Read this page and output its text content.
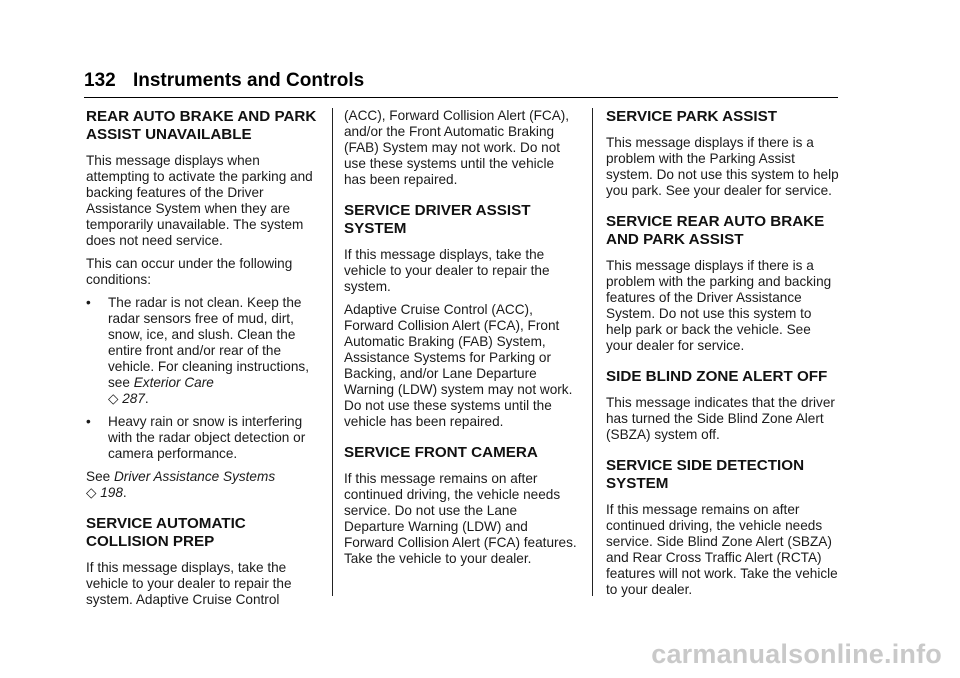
132 Instruments and Controls
REAR AUTO BRAKE AND PARK ASSIST UNAVAILABLE

This message displays when attempting to activate the parking and backing features of the Driver Assistance System when they are temporarily unavailable. The system does not need service.

This can occur under the following conditions:

•	The radar is not clean. Keep the radar sensors free of mud, dirt, snow, ice, and slush. Clean the entire front and/or rear of the vehicle. For cleaning instructions, see Exterior Care
◇ 287.
•	Heavy rain or snow is interfering with the radar object detection or camera performance.

See Driver Assistance Systems
◇ 198.

SERVICE AUTOMATIC COLLISION PREP

If this message displays, take the vehicle to your dealer to repair the system. Adaptive Cruise Control

(ACC), Forward Collision Alert (FCA), and/or the Front Automatic Braking (FAB) System may not work. Do not use these systems until the vehicle has been repaired.

SERVICE DRIVER ASSIST SYSTEM

If this message displays, take the vehicle to your dealer to repair the system.

Adaptive Cruise Control (ACC), Forward Collision Alert (FCA), Front Automatic Braking (FAB) System, Assistance Systems for Parking or Backing, and/or Lane Departure Warning (LDW) system may not work. Do not use these systems until the vehicle has been repaired.

SERVICE FRONT CAMERA

If this message remains on after continued driving, the vehicle needs service. Do not use the Lane Departure Warning (LDW) and Forward Collision Alert (FCA) features. Take the vehicle to your dealer.

SERVICE PARK ASSIST

This message displays if there is a problem with the Parking Assist system. Do not use this system to help you park. See your dealer for service.

SERVICE REAR AUTO BRAKE AND PARK ASSIST

This message displays if there is a problem with the parking and backing features of the Driver Assistance System. Do not use this system to help park or back the vehicle. See your dealer for service.

SIDE BLIND ZONE ALERT OFF

This message indicates that the driver has turned the Side Blind Zone Alert (SBZA) system off.

SERVICE SIDE DETECTION SYSTEM

If this message remains on after continued driving, the vehicle needs service. Side Blind Zone Alert (SBZA) and Rear Cross Traffic Alert (RCTA) features will not work. Take the vehicle to your dealer.

carmanualsonline.info
